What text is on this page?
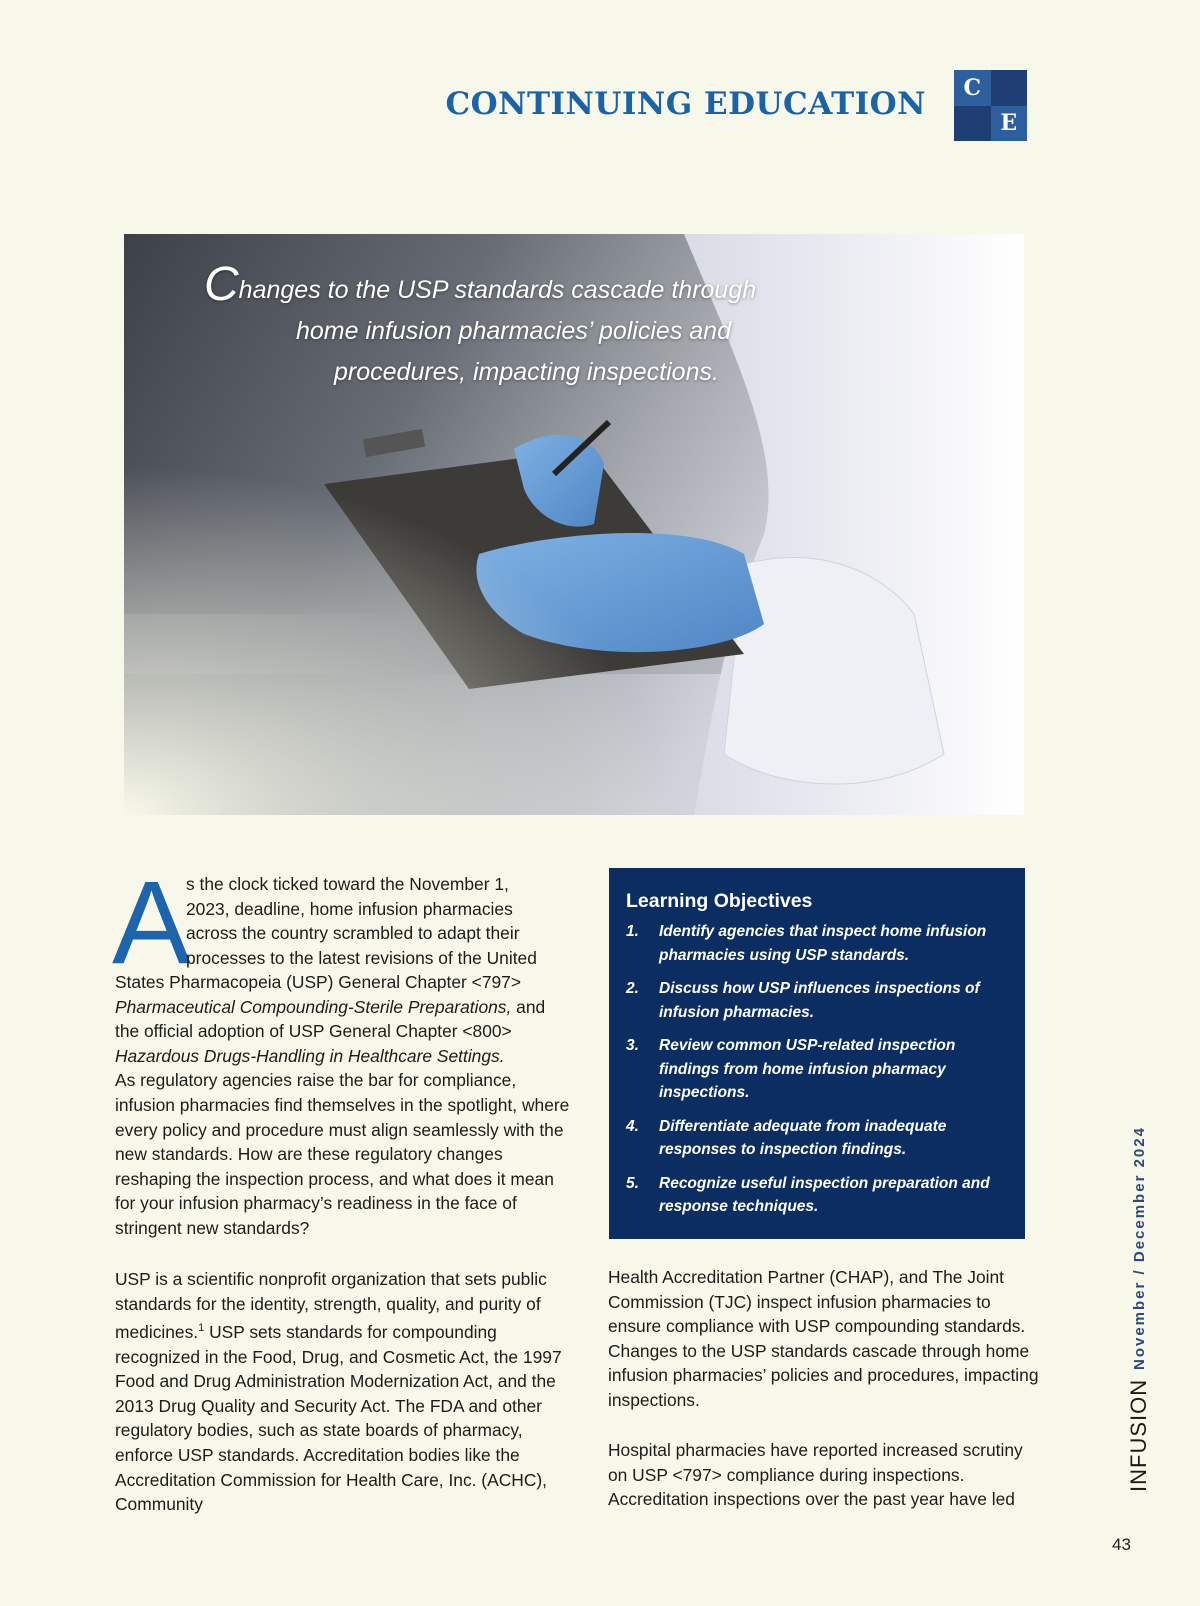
CONTINUING EDUCATION	C
E
Changes to the USP standards cascade through
home infusion pharmacies’ policies and
procedures, impacting inspections.
A
s the clock ticked toward the November 1,
2023, deadline, home infusion pharmacies
across the country scrambled to adapt their
processes to the latest revisions of the United

States Pharmacopeia (USP) General Chapter <797>
Pharmaceutical Compounding-Sterile Preparations, and
the official adoption of USP General Chapter <800>
Hazardous Drugs-Handling in Healthcare Settings.
As regulatory agencies raise the bar for compliance, infusion pharmacies find themselves in the spotlight, where every policy and procedure must align seamlessly with the new standards. How are these regulatory changes reshaping the inspection process, and what does it mean for your infusion pharmacy’s readiness in the face of stringent new standards?

USP is a scientific nonprofit organization that sets public standards for the identity, strength, quality, and purity of medicines.$^1$ USP sets standards for compounding recognized in the Food, Drug, and Cosmetic Act, the 1997 Food and Drug Administration Modernization Act, and the 2013 Drug Quality and Security Act. The FDA and other regulatory bodies, such as state boards of pharmacy, enforce USP standards. Accreditation bodies like the Accreditation Commission for Health Care, Inc. (ACHC), Community

Learning Objectives
1. Identify agencies that inspect home infusion pharmacies using USP standards.
2. Discuss how USP influences inspections of infusion pharmacies.
3. Review common USP-related inspection findings from home infusion pharmacy inspections.
4. Differentiate adequate from inadequate responses to inspection findings.
5. Recognize useful inspection preparation and response techniques.

Health Accreditation Partner (CHAP), and The Joint Commission (TJC) inspect infusion pharmacies to ensure compliance with USP compounding standards. Changes to the USP standards cascade through home infusion pharmacies’ policies and procedures, impacting inspections.

Hospital pharmacies have reported increased scrutiny on USP <797> compliance during inspections. Accreditation inspections over the past year have led

November / December 2024
INFUSION
43
